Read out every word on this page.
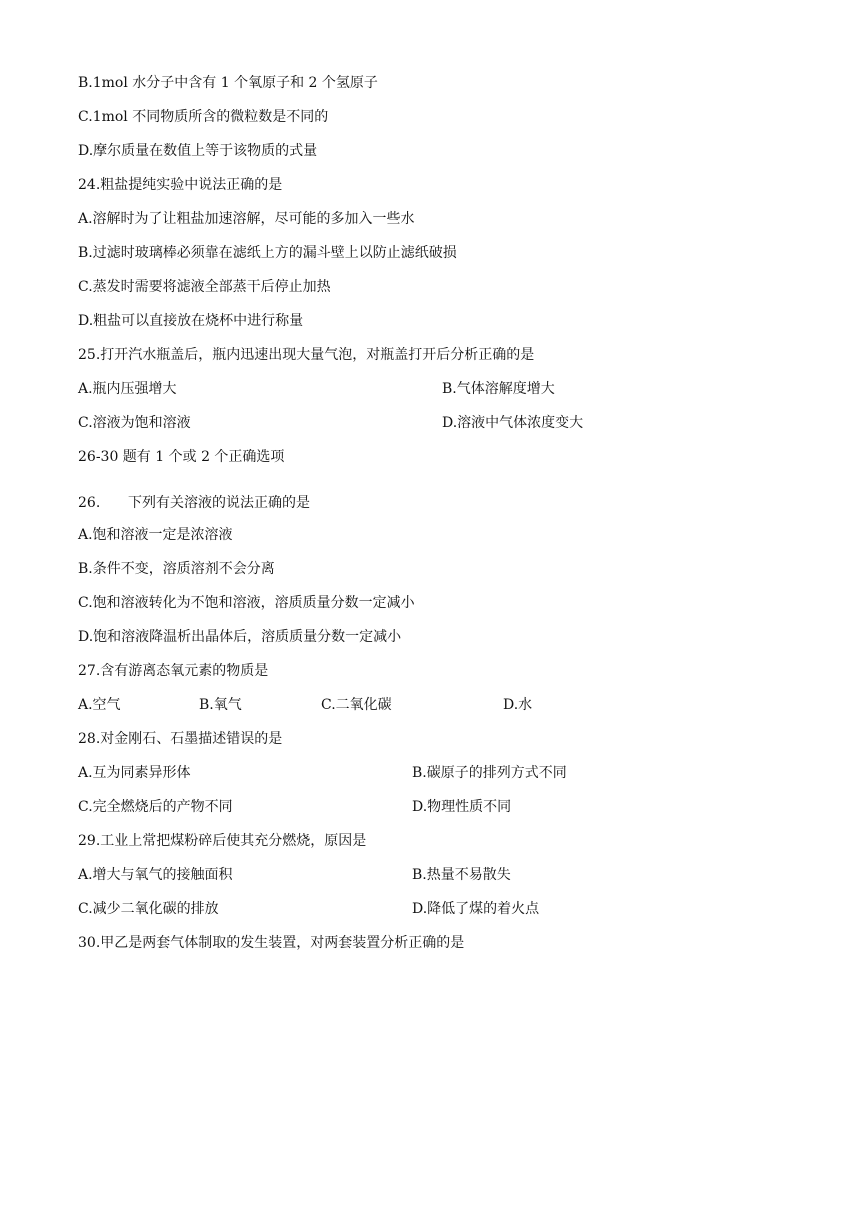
B.1mol 水分子中含有 1 个氧原子和 2 个氢原子
C.1mol 不同物质所含的微粒数是不同的
D.摩尔质量在数值上等于该物质的式量
24.粗盐提纯实验中说法正确的是
A.溶解时为了让粗盐加速溶解，尽可能的多加入一些水
B.过滤时玻璃棒必须靠在滤纸上方的漏斗壁上以防止滤纸破损
C.蒸发时需要将滤液全部蒸干后停止加热
D.粗盐可以直接放在烧杯中进行称量
25.打开汽水瓶盖后，瓶内迅速出现大量气泡，对瓶盖打开后分析正确的是
A.瓶内压强增大	B.气体溶解度增大
C.溶液为饱和溶液	D.溶液中气体浓度变大
26-30 题有 1 个或 2 个正确选项
26. 下列有关溶液的说法正确的是
A.饱和溶液一定是浓溶液
B.条件不变，溶质溶剂不会分离
C.饱和溶液转化为不饱和溶液，溶质质量分数一定减小
D.饱和溶液降温析出晶体后，溶质质量分数一定减小
27.含有游离态氧元素的物质是
A.空气	B.氧气	C.二氧化碳	D.水
28.对金刚石、石墨描述错误的是
A.互为同素异形体	B.碳原子的排列方式不同
C.完全燃烧后的产物不同	D.物理性质不同
29.工业上常把煤粉碎后使其充分燃烧，原因是
A.增大与氧气的接触面积	B.热量不易散失
C.减少二氧化碳的排放	D.降低了煤的着火点
30.甲乙是两套气体制取的发生装置，对两套装置分析正确的是
